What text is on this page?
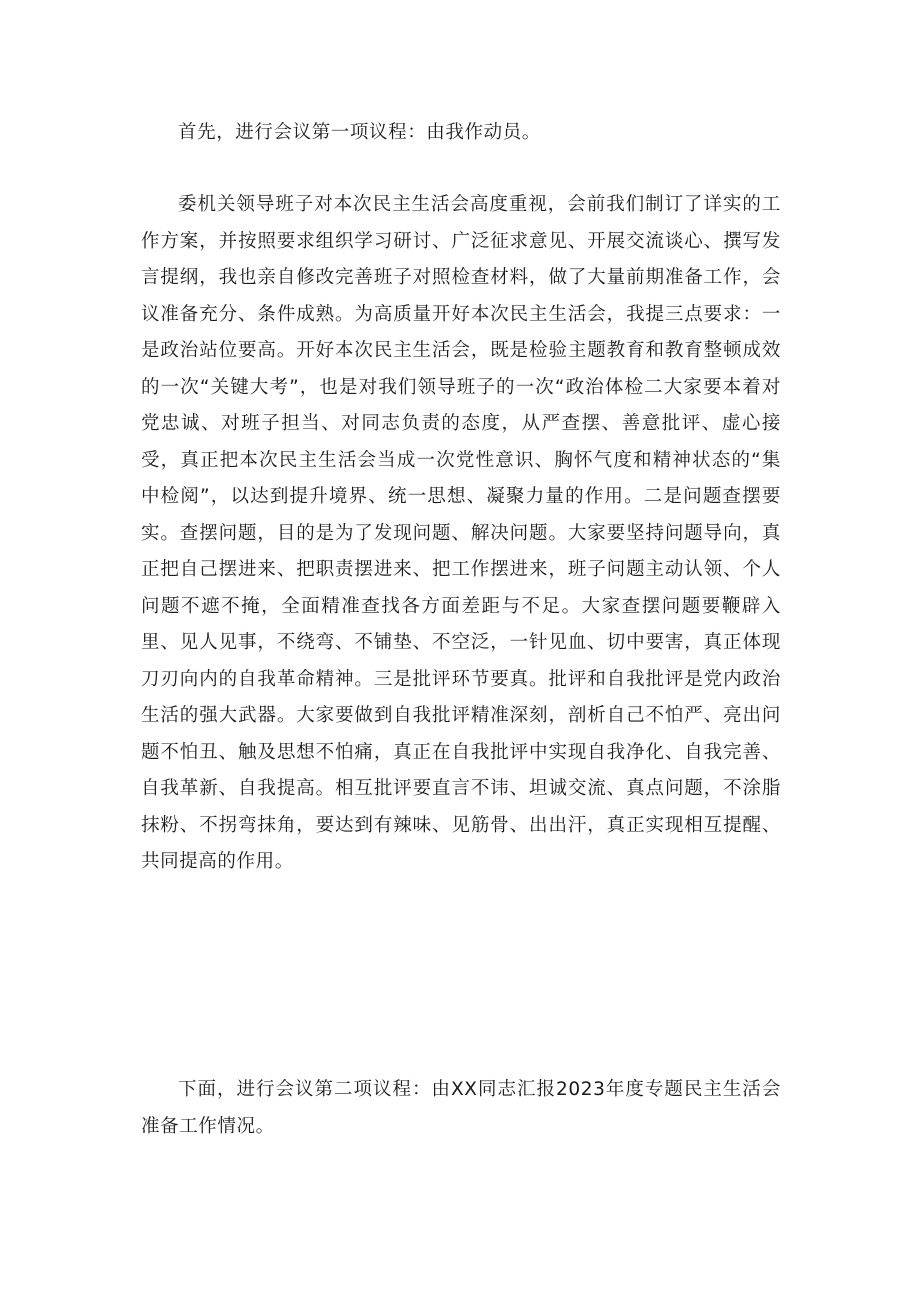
首先，进行会议第一项议程：由我作动员。

委机关领导班子对本次民主生活会高度重视，会前我们制订了详实的工作方案，并按照要求组织学习研讨、广泛征求意见、开展交流谈心、撰写发言提纲，我也亲自修改完善班子对照检查材料，做了大量前期准备工作，会议准备充分、条件成熟。为高质量开好本次民主生活会，我提三点要求：一是政治站位要高。开好本次民主生活会，既是检验主题教育和教育整顿成效的一次“关键大考”，也是对我们领导班子的一次“政治体检二大家要本着对党忠诚、对班子担当、对同志负责的态度，从严查摆、善意批评、虚心接受，真正把本次民主生活会当成一次党性意识、胸怀气度和精神状态的“集中检阅”，以达到提升境界、统一思想、凝聚力量的作用。二是问题查摆要实。查摆问题，目的是为了发现问题、解决问题。大家要坚持问题导向，真正把自己摆进来、把职责摆进来、把工作摆进来，班子问题主动认领、个人问题不遮不掩，全面精准查找各方面差距与不足。大家查摆问题要鞭辟入里、见人见事，不绕弯、不铺垫、不空泛，一针见血、切中要害，真正体现刀刃向内的自我革命精神。三是批评环节要真。批评和自我批评是党内政治生活的强大武器。大家要做到自我批评精准深刻，剖析自己不怕严、亮出问题不怕丑、触及思想不怕痛，真正在自我批评中实现自我净化、自我完善、自我革新、自我提高。相互批评要直言不讳、坦诚交流、真点问题，不涂脂抹粉、不拐弯抹角，要达到有辣味、见筋骨、出出汗，真正实现相互提醒、共同提高的作用。

下面，进行会议第二项议程：由XX同志汇报2023年度专题民主生活会准备工作情况。
